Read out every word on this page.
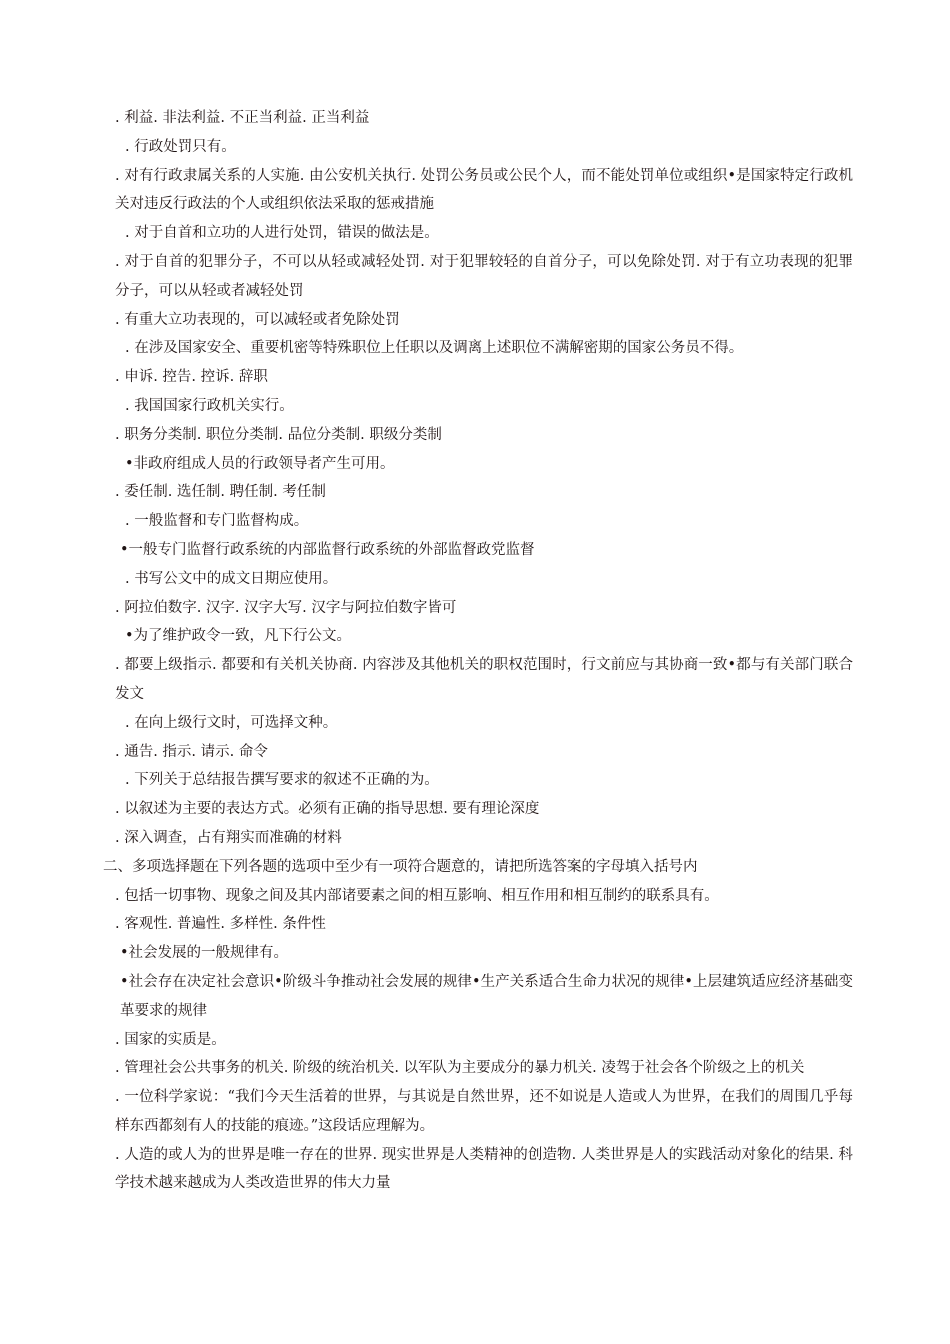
. 利益. 非法利益. 不正当利益. 正当利益

. 行政处罚只有。

. 对有行政隶属关系的人实施. 由公安机关执行. 处罚公务员或公民个人，而不能处罚单位或组织•是国家特定行政机关对违反行政法的个人或组织依法采取的惩戒措施

. 对于自首和立功的人进行处罚，错误的做法是。

. 对于自首的犯罪分子，不可以从轻或减轻处罚. 对于犯罪较轻的自首分子，可以免除处罚. 对于有立功表现的犯罪分子，可以从轻或者减轻处罚

. 有重大立功表现的，可以减轻或者免除处罚

. 在涉及国家安全、重要机密等特殊职位上任职以及调离上述职位不满解密期的国家公务员不得。

. 申诉. 控告. 控诉. 辞职

. 我国国家行政机关实行。

. 职务分类制. 职位分类制. 品位分类制. 职级分类制

•非政府组成人员的行政领导者产生可用。

. 委任制. 选任制. 聘任制. 考任制

. 一般监督和专门监督构成。

•一般专门监督行政系统的内部监督行政系统的外部监督政党监督

. 书写公文中的成文日期应使用。

. 阿拉伯数字. 汉字. 汉字大写. 汉字与阿拉伯数字皆可

•为了维护政令一致，凡下行公文。

. 都要上级指示. 都要和有关机关协商. 内容涉及其他机关的职权范围时，行文前应与其协商一致•都与有关部门联合发文

. 在向上级行文时，可选择文种。

. 通告. 指示. 请示. 命令

. 下列关于总结报告撰写要求的叙述不正确的为。

. 以叙述为主要的表达方式。必须有正确的指导思想. 要有理论深度

. 深入调查，占有翔实而准确的材料

二、多项选择题在下列各题的选项中至少有一项符合题意的，请把所选答案的字母填入括号内

. 包括一切事物、现象之间及其内部诸要素之间的相互影响、相互作用和相互制约的联系具有。

. 客观性. 普遍性. 多样性. 条件性

•社会发展的一般规律有。

•社会存在决定社会意识•阶级斗争推动社会发展的规律•生产关系适合生命力状况的规律•上层建筑适应经济基础变革要求的规律

. 国家的实质是。

. 管理社会公共事务的机关. 阶级的统治机关. 以军队为主要成分的暴力机关. 凌驾于社会各个阶级之上的机关

. 一位科学家说：“我们今天生活着的世界，与其说是自然世界，还不如说是人造或人为世界，在我们的周围几乎每样东西都刻有人的技能的痕迹。”这段话应理解为。

. 人造的或人为的世界是唯一存在的世界. 现实世界是人类精神的创造物. 人类世界是人的实践活动对象化的结果. 科学技术越来越成为人类改造世界的伟大力量
